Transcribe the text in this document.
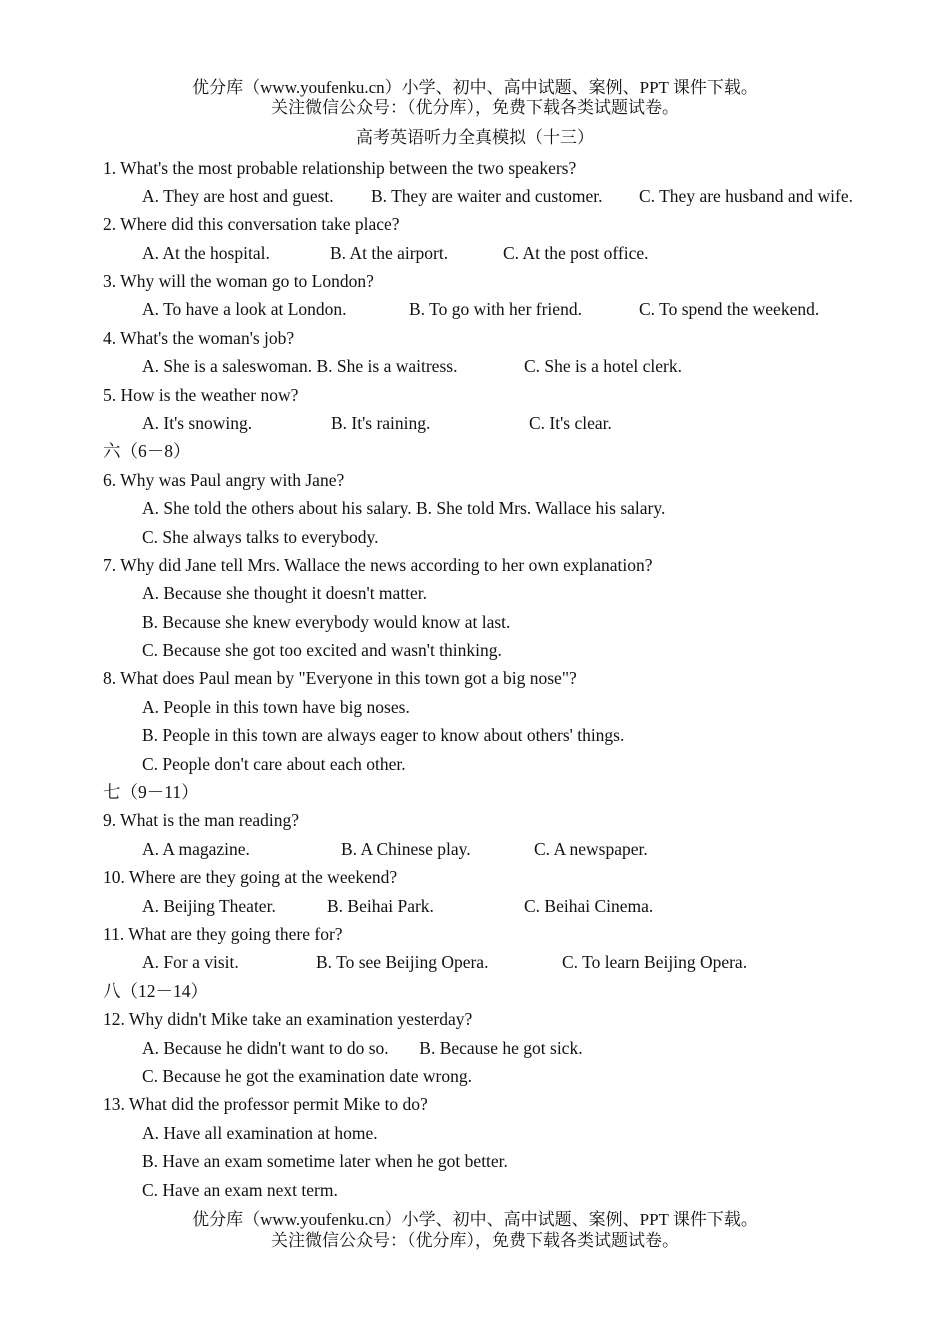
优分库（www.youfenku.cn）小学、初中、高中试题、案例、PPT 课件下载。
关注微信公众号：（优分库），免费下载各类试题试卷。
高考英语听力全真模拟（十三）
1. What's the most probable relationship between the two speakers?
A. They are host and guest. B. They are waiter and customer. C. They are husband and wife.
2. Where did this conversation take place?
A. At the hospital.	B. At the airport.	C. At the post office.
3. Why will the woman go to London?
A. To have a look at London.	B. To go with her friend.	C. To spend the weekend.
4. What's the woman's job?
A. She is a saleswoman. B. She is a waitress.	C. She is a hotel clerk.
5. How is the weather now?
A. It's snowing.	B. It's raining.	C. It's clear.
六（6－8）
6. Why was Paul angry with Jane?
A. She told the others about his salary. B. She told Mrs. Wallace his salary.
C. She always talks to everybody.
7. Why did Jane tell Mrs. Wallace the news according to her own explanation?
A. Because she thought it doesn't matter.
B. Because she knew everybody would know at last.
C. Because she got too excited and wasn't thinking.
8. What does Paul mean by "Everyone in this town got a big nose"?
A. People in this town have big noses.
B. People in this town are always eager to know about others' things.
C. People don't care about each other.
七（9－11）
9. What is the man reading?
A. A magazine.	B. A Chinese play.	C. A newspaper.
10. Where are they going at the weekend?
A. Beijing Theater.	B. Beihai Park.	C. Beihai Cinema.
11. What are they going there for?
A. For a visit.	B. To see Beijing Opera.	C. To learn Beijing Opera.
八（12－14）
12. Why didn't Mike take an examination yesterday?
A. Because he didn't want to do so.       B. Because he got sick.
C. Because he got the examination date wrong.
13. What did the professor permit Mike to do?
A. Have all examination at home.
B. Have an exam sometime later when he got better.
C. Have an exam next term.
优分库（www.youfenku.cn）小学、初中、高中试题、案例、PPT 课件下载。
关注微信公众号：（优分库），免费下载各类试题试卷。
